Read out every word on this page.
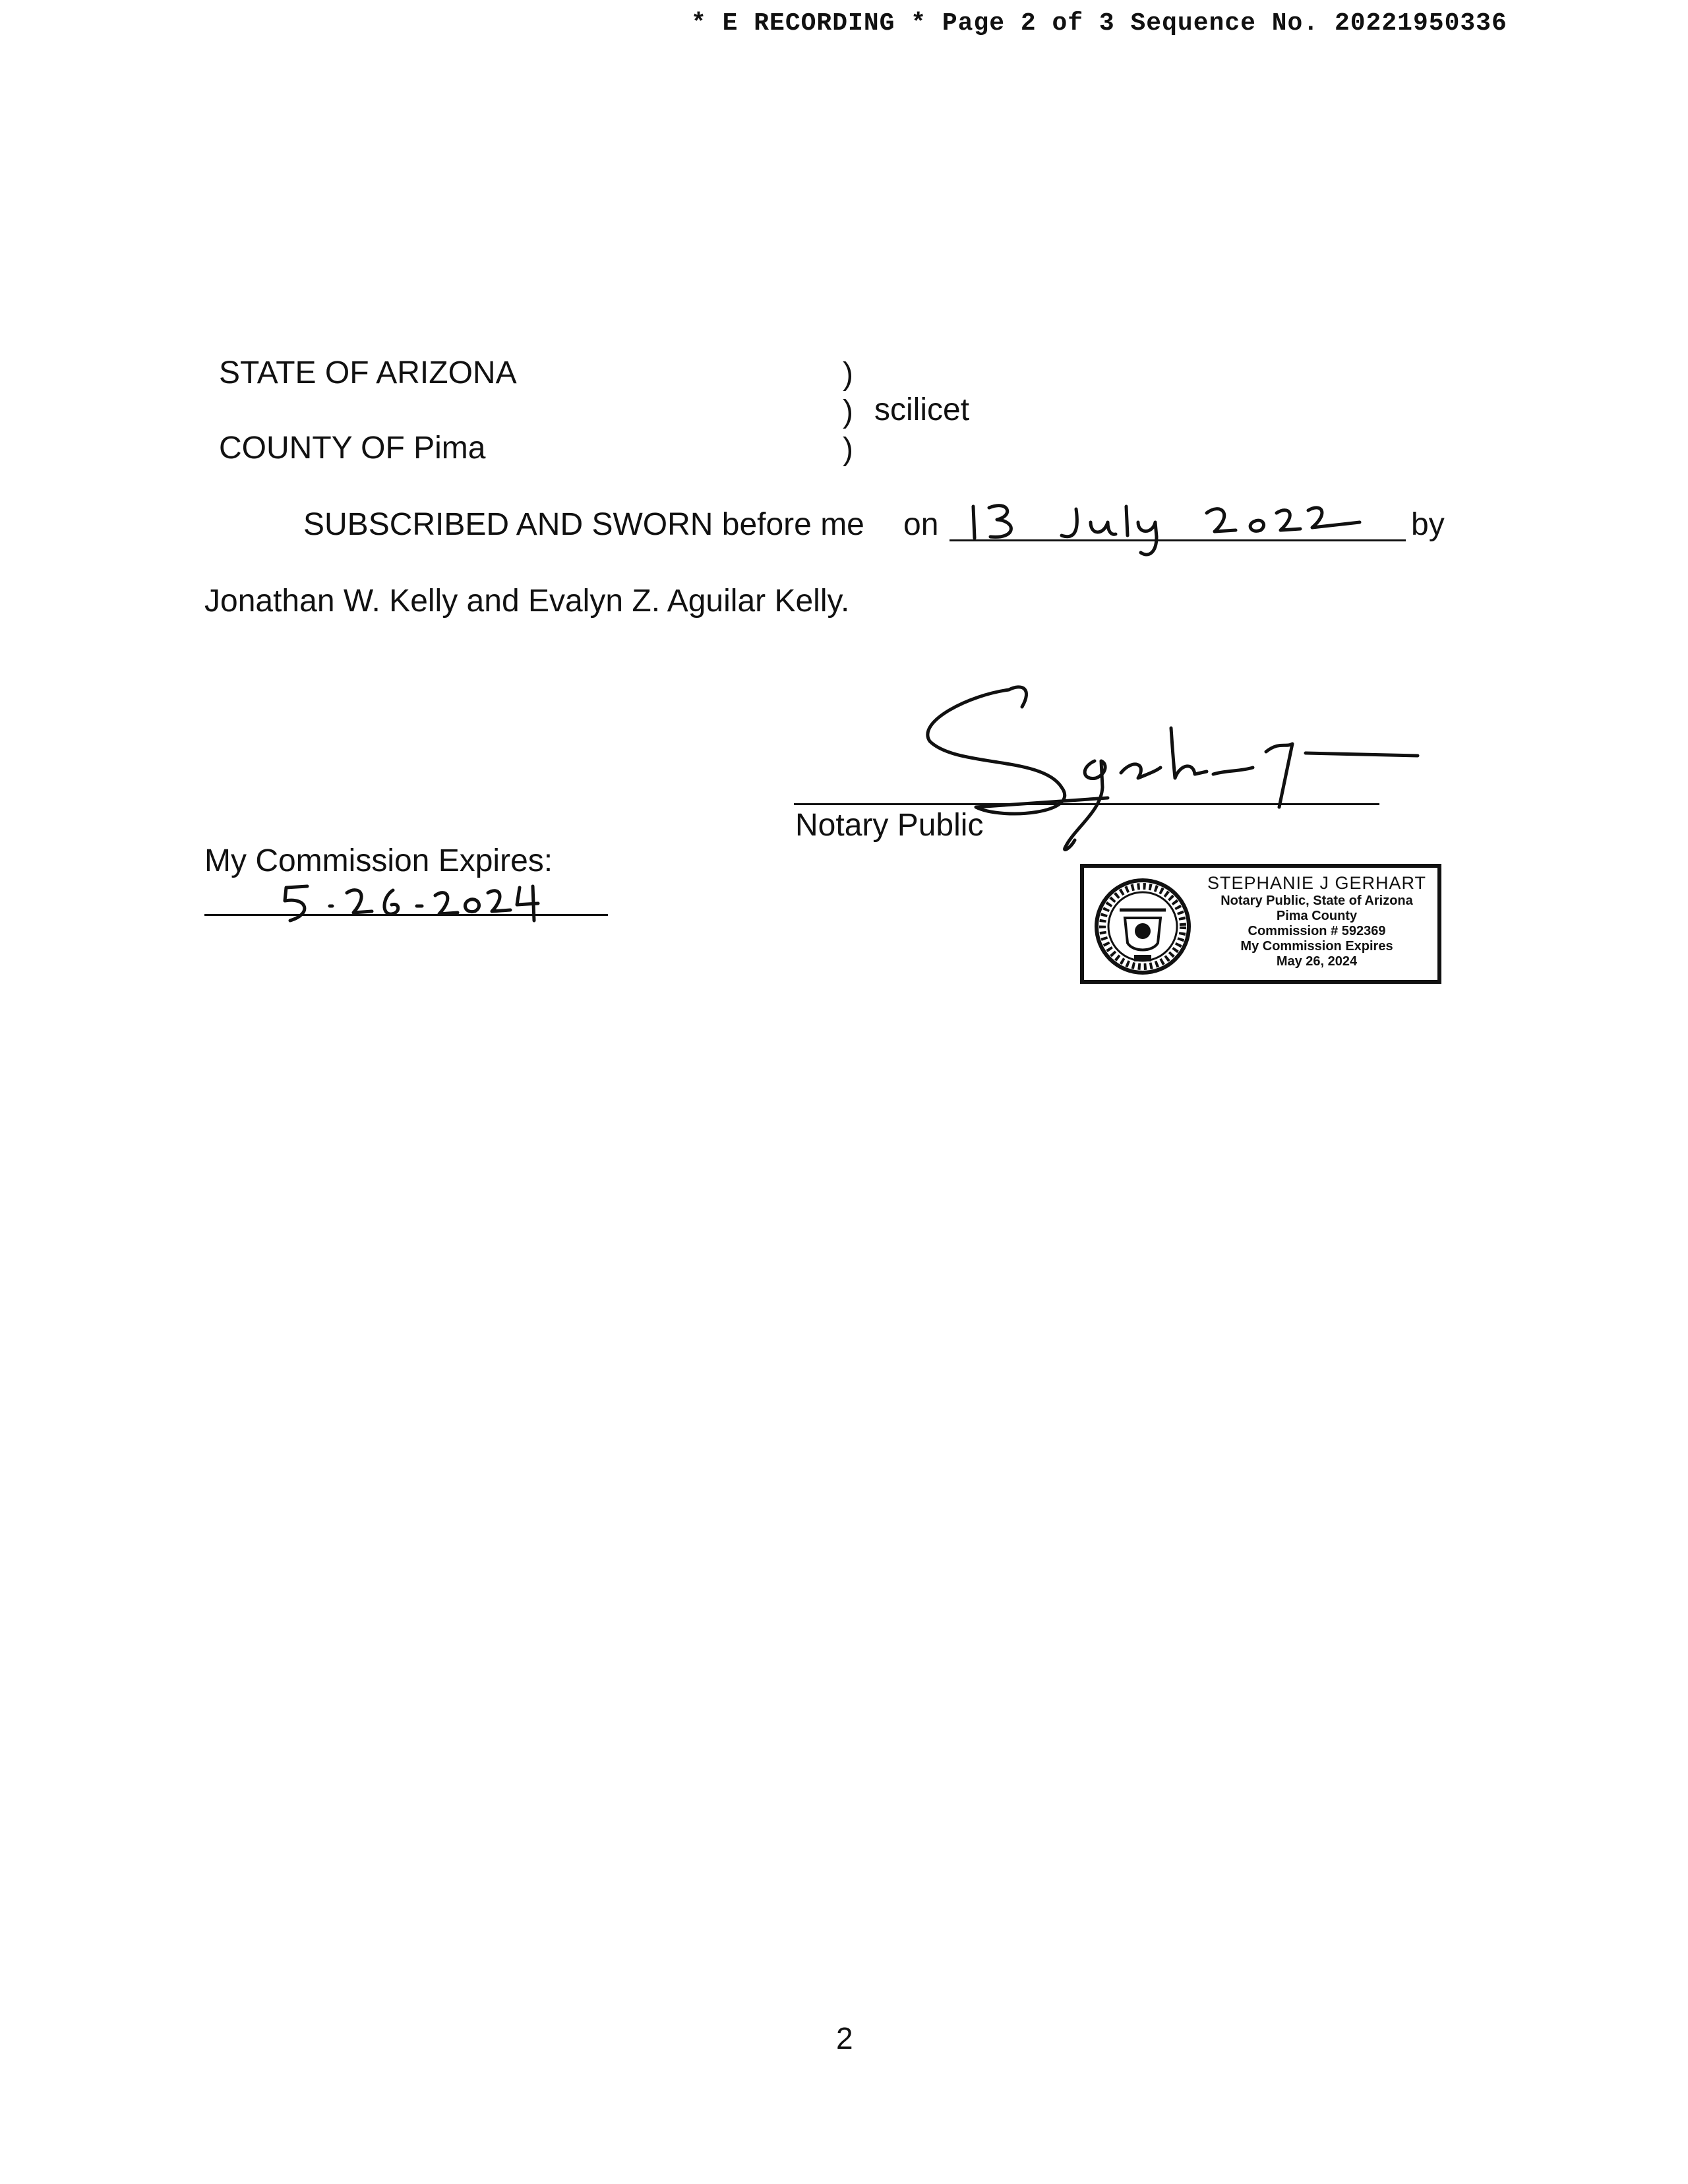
* E RECORDING * Page 2 of 3 Sequence No. 20221950336
STATE OF ARIZONA
COUNTY OF Pima
)
)
)
scilicet
SUBSCRIBED AND SWORN before me on	by
Jonathan W. Kelly and Evalyn Z. Aguilar Kelly.
Notary Public
My Commission Expires:
STEPHANIE J GERHART
Notary Public, State of Arizona
Pima County
Commission # 592369
My Commission Expires
May 26, 2024
2
